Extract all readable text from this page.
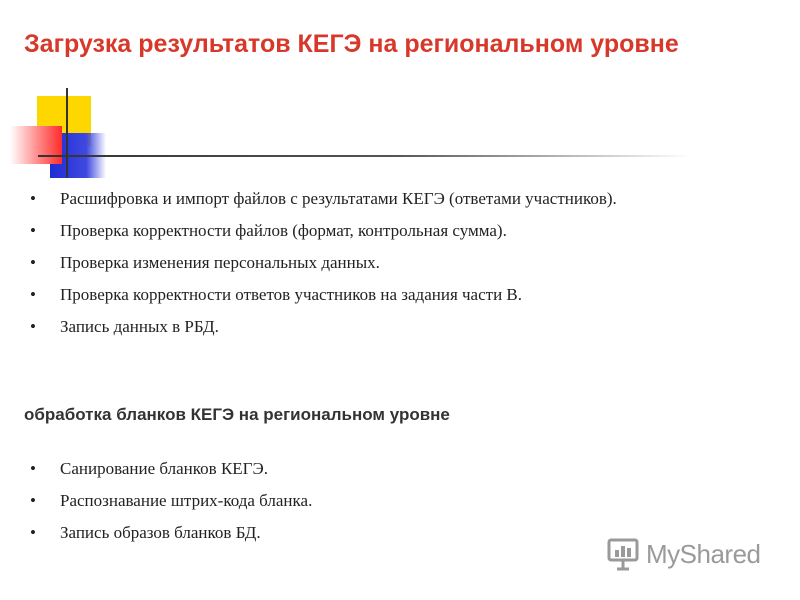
Загрузка результатов КЕГЭ на региональном уровне
• Расшифровка и импорт файлов с результатами КЕГЭ (ответами участников).
• Проверка корректности файлов (формат, контрольная сумма).
• Проверка изменения персональных данных.
• Проверка корректности ответов участников на задания части В.
• Запись данных в РБД.
обработка бланков КЕГЭ на региональном уровне
• Санирование бланков КЕГЭ.
• Распознавание штрих-кода бланка.
• Запись образов бланков БД.
MyShared
